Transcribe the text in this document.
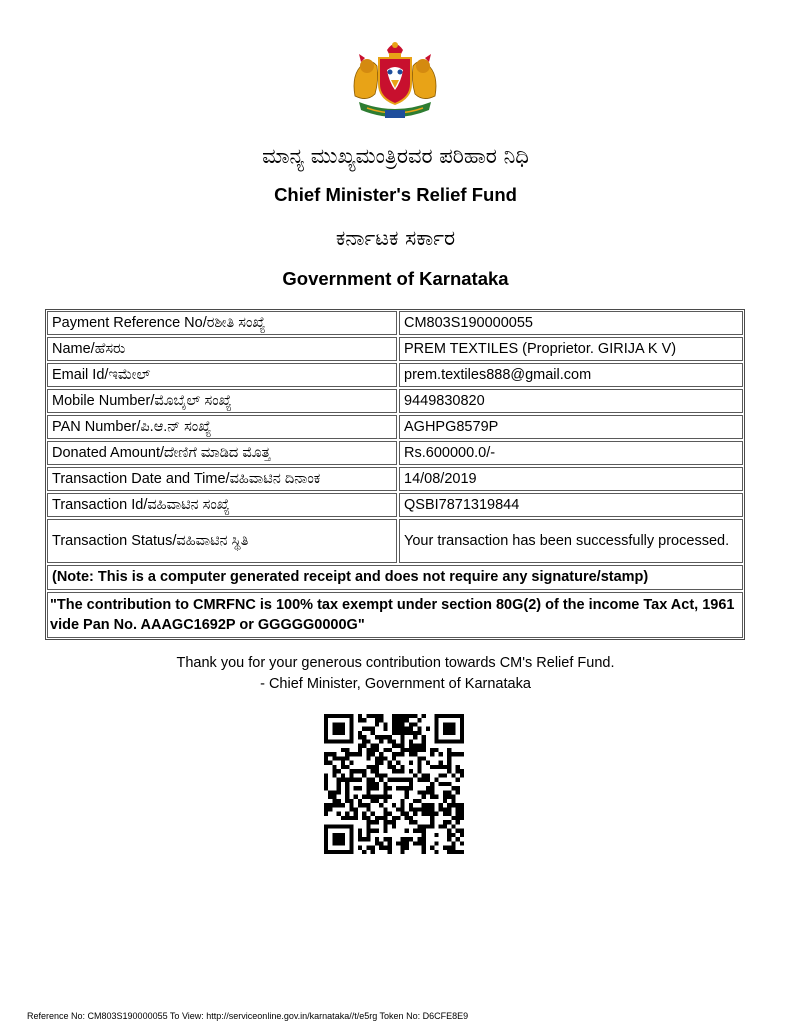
ಮಾನ್ಯ ಮುಖ್ಯಮಂತ್ರಿರವರ ಪರಿಹಾರ ನಿಧಿ
Chief Minister's Relief Fund
ಕರ್ನಾಟಕ ಸರ್ಕಾರ
Government of Karnataka
Payment Reference No/ರಶೀತಿ ಸಂಖ್ಯೆ	CM803S190000055
Name/ಹೆಸರು	PREM TEXTILES (Proprietor. GIRIJA K V)
Email Id/ಇಮೇಲ್	prem.textiles888@gmail.com
Mobile Number/ಮೊಬೈಲ್ ಸಂಖ್ಯೆ	9449830820
PAN Number/ಪಿ.ಆ.ನ್ ಸಂಖ್ಯೆ	AGHPG8579P
Donated Amount/ದೇಣಿಗೆ ಮಾಡಿದ ಮೊತ್ತ	Rs.600000.0/-
Transaction Date and Time/ವಹಿವಾಟಿನ ದಿನಾಂಕ	14/08/2019
Transaction Id/ವಹಿವಾಟಿನ ಸಂಖ್ಯೆ	QSBI7871319844
Transaction Status/ವಹಿವಾಟಿನ ಸ್ಥಿತಿ	Your transaction has been successfully processed.
(Note: This is a computer generated receipt and does not require any signature/stamp)
"The contribution to CMRFNC is 100% tax exempt under section 80G(2) of the income Tax Act, 1961 vide Pan No. AAAGC1692P or GGGGG0000G"
Thank you for your generous contribution towards CM's Relief Fund.
- Chief Minister, Government of Karnataka
Reference No: CM803S190000055 To View: http://serviceonline.gov.in/karnataka//t/e5rg Token No: D6CFE8E9
